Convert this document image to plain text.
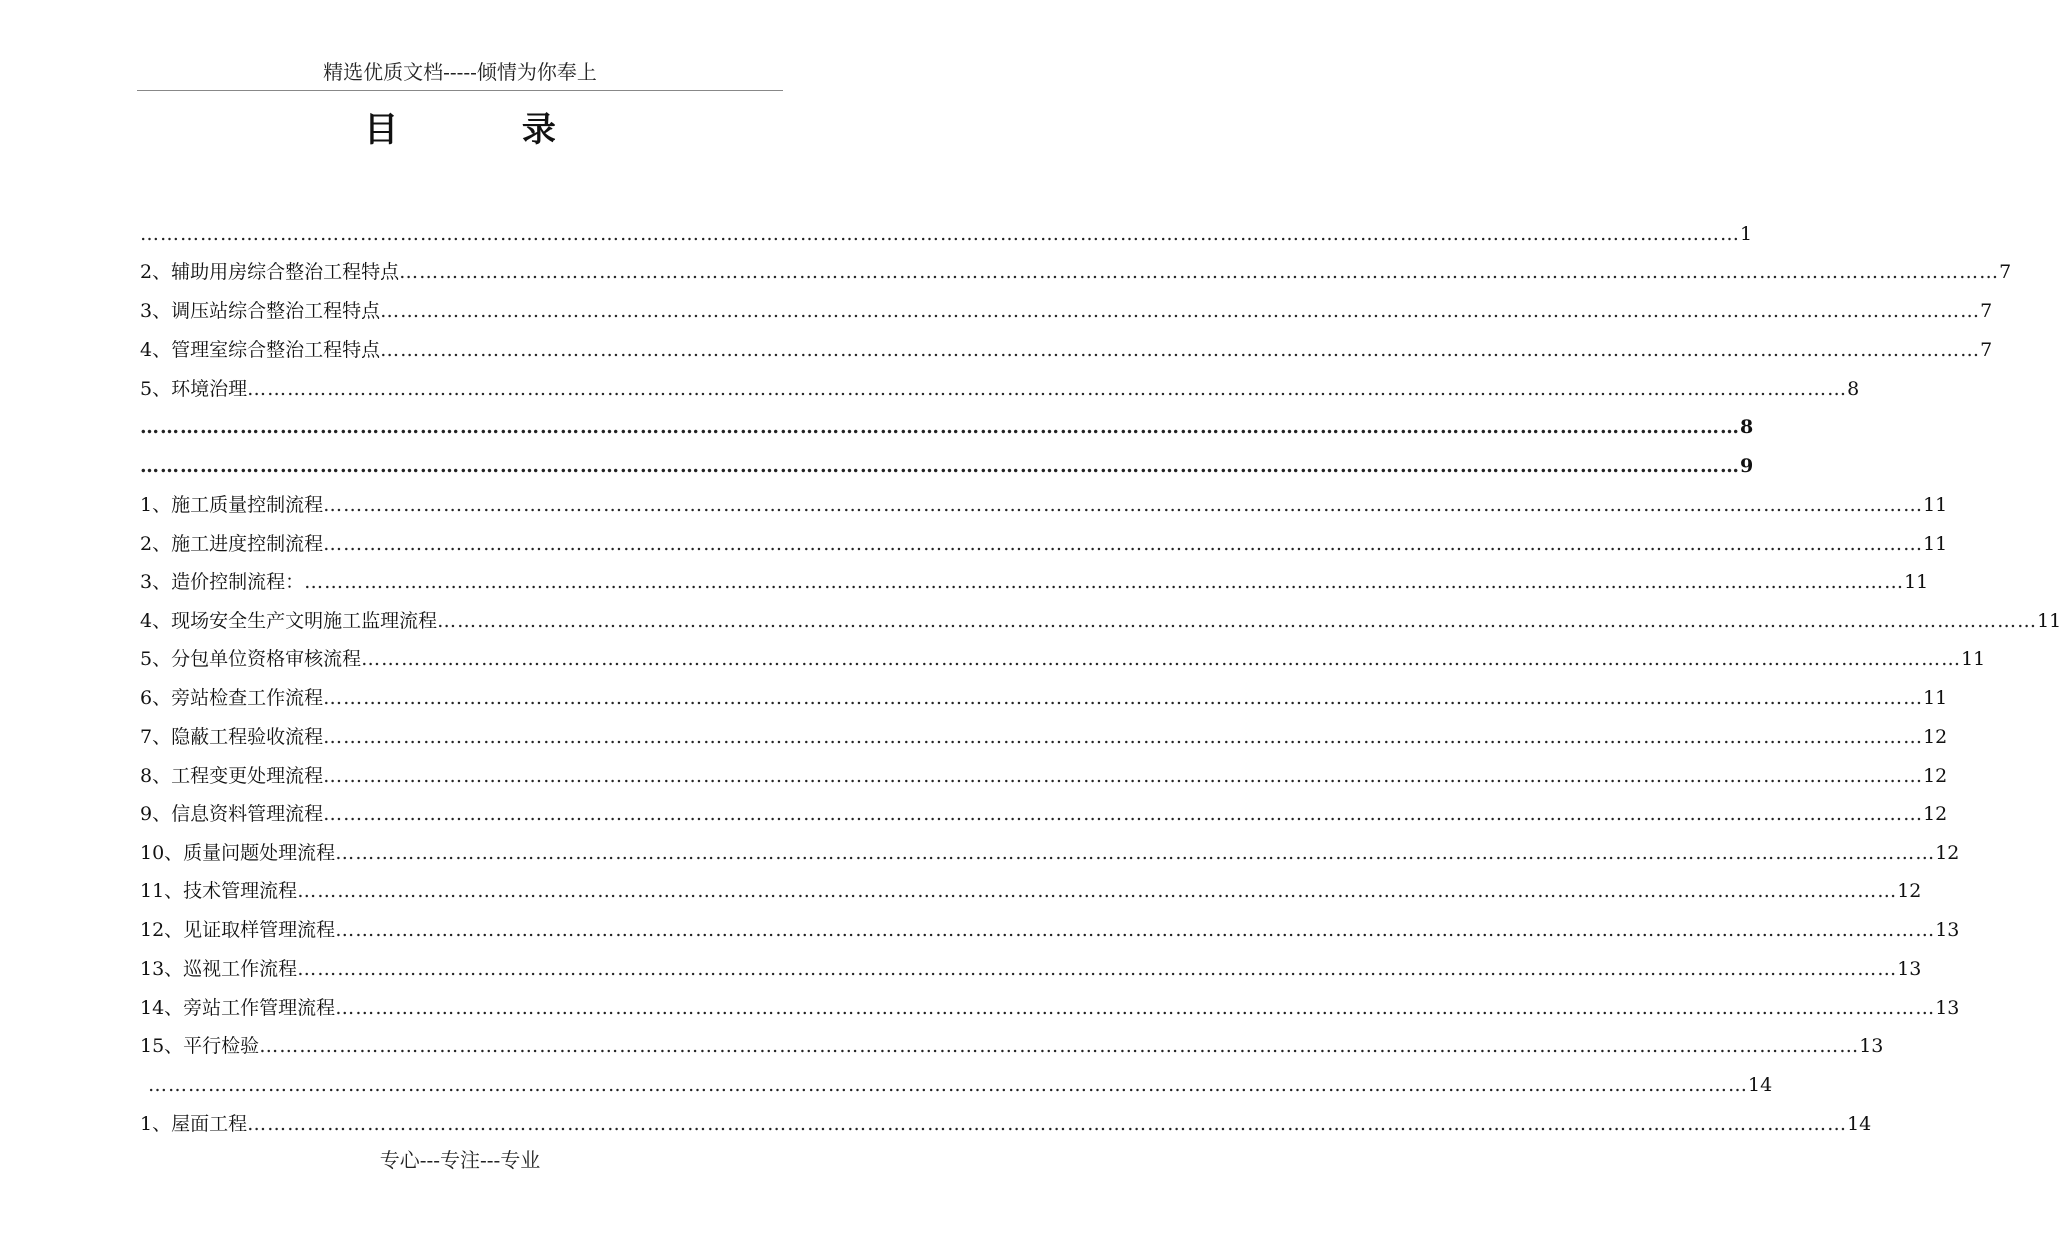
精选优质文档-----倾情为你奉上
目 录
…………………………………………………………………………………………………………………………………………………………………………………………………………………… 1
2、辅助用房综合整治工程特点 …………………………………………………………………………………………………………………………………………………………………………………………………………………… 7
3、调压站综合整治工程特点 …………………………………………………………………………………………………………………………………………………………………………………………………………………… 7
4、管理室综合整治工程特点 …………………………………………………………………………………………………………………………………………………………………………………………………………………… 7
5、环境治理 …………………………………………………………………………………………………………………………………………………………………………………………………………………… 8
…………………………………………………………………………………………………………………………………………………………………………………………………………………… 8
…………………………………………………………………………………………………………………………………………………………………………………………………………………… 9
1、施工质量控制流程 …………………………………………………………………………………………………………………………………………………………………………………………………………………… 11
2、施工进度控制流程 …………………………………………………………………………………………………………………………………………………………………………………………………………………… 11
3、造价控制流程： …………………………………………………………………………………………………………………………………………………………………………………………………………………… 11
4、现场安全生产文明施工监理流程 …………………………………………………………………………………………………………………………………………………………………………………………………………………… 11
5、分包单位资格审核流程 …………………………………………………………………………………………………………………………………………………………………………………………………………………… 11
6、旁站检查工作流程 …………………………………………………………………………………………………………………………………………………………………………………………………………………… 11
7、隐蔽工程验收流程 …………………………………………………………………………………………………………………………………………………………………………………………………………………… 12
8、工程变更处理流程 …………………………………………………………………………………………………………………………………………………………………………………………………………………… 12
9、信息资料管理流程 …………………………………………………………………………………………………………………………………………………………………………………………………………………… 12
10、质量问题处理流程 …………………………………………………………………………………………………………………………………………………………………………………………………………………… 12
11、技术管理流程 …………………………………………………………………………………………………………………………………………………………………………………………………………………… 12
12、见证取样管理流程 …………………………………………………………………………………………………………………………………………………………………………………………………………………… 13
13、巡视工作流程 …………………………………………………………………………………………………………………………………………………………………………………………………………………… 13
14、旁站工作管理流程 …………………………………………………………………………………………………………………………………………………………………………………………………………………… 13
15、平行检验 …………………………………………………………………………………………………………………………………………………………………………………………………………………… 13
…………………………………………………………………………………………………………………………………………………………………………………………………………………… 14
1、屋面工程 …………………………………………………………………………………………………………………………………………………………………………………………………………………… 14
专心---专注---专业
